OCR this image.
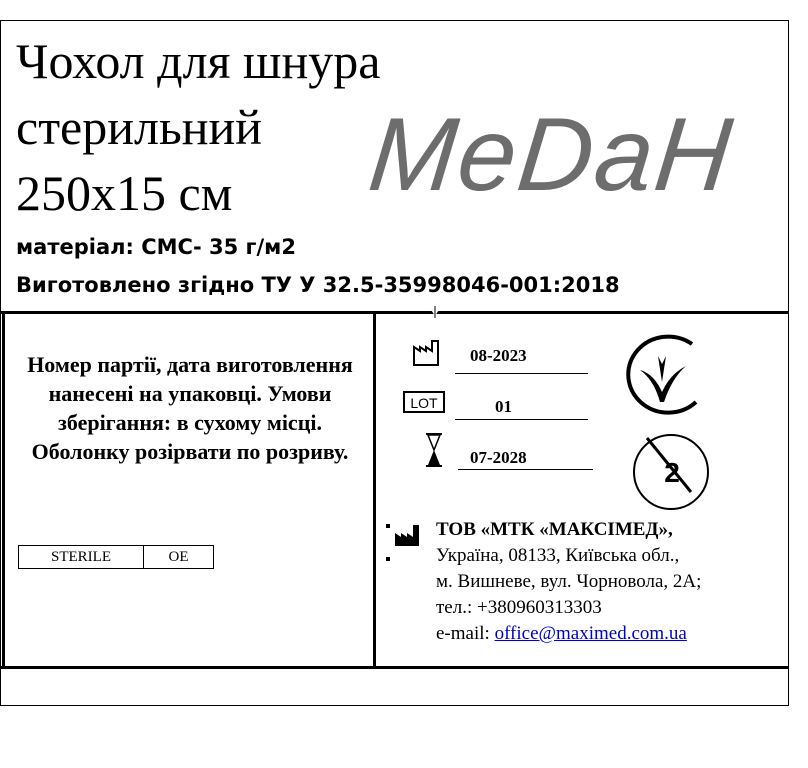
Чохол для шнура
стерильний
250х15 см	MeDaH
матеріал: СМС- 35 г/м2
Виготовлено згідно ТУ У 32.5-35998046-001:2018
Номер партії, дата виготовлення нанесені на упаковці. Умови зберігання: в сухому місці. Оболонку розірвати по розриву.
STERILE	OE
08-2023
LOT	01
07-2028	2
ТОВ «МТК «МАКСІМЕД»,
Україна, 08133, Київська обл.,
м. Вишневе, вул. Чорновола, 2А;
тел.: +380960313303
e-mail: office@maximed.com.ua
